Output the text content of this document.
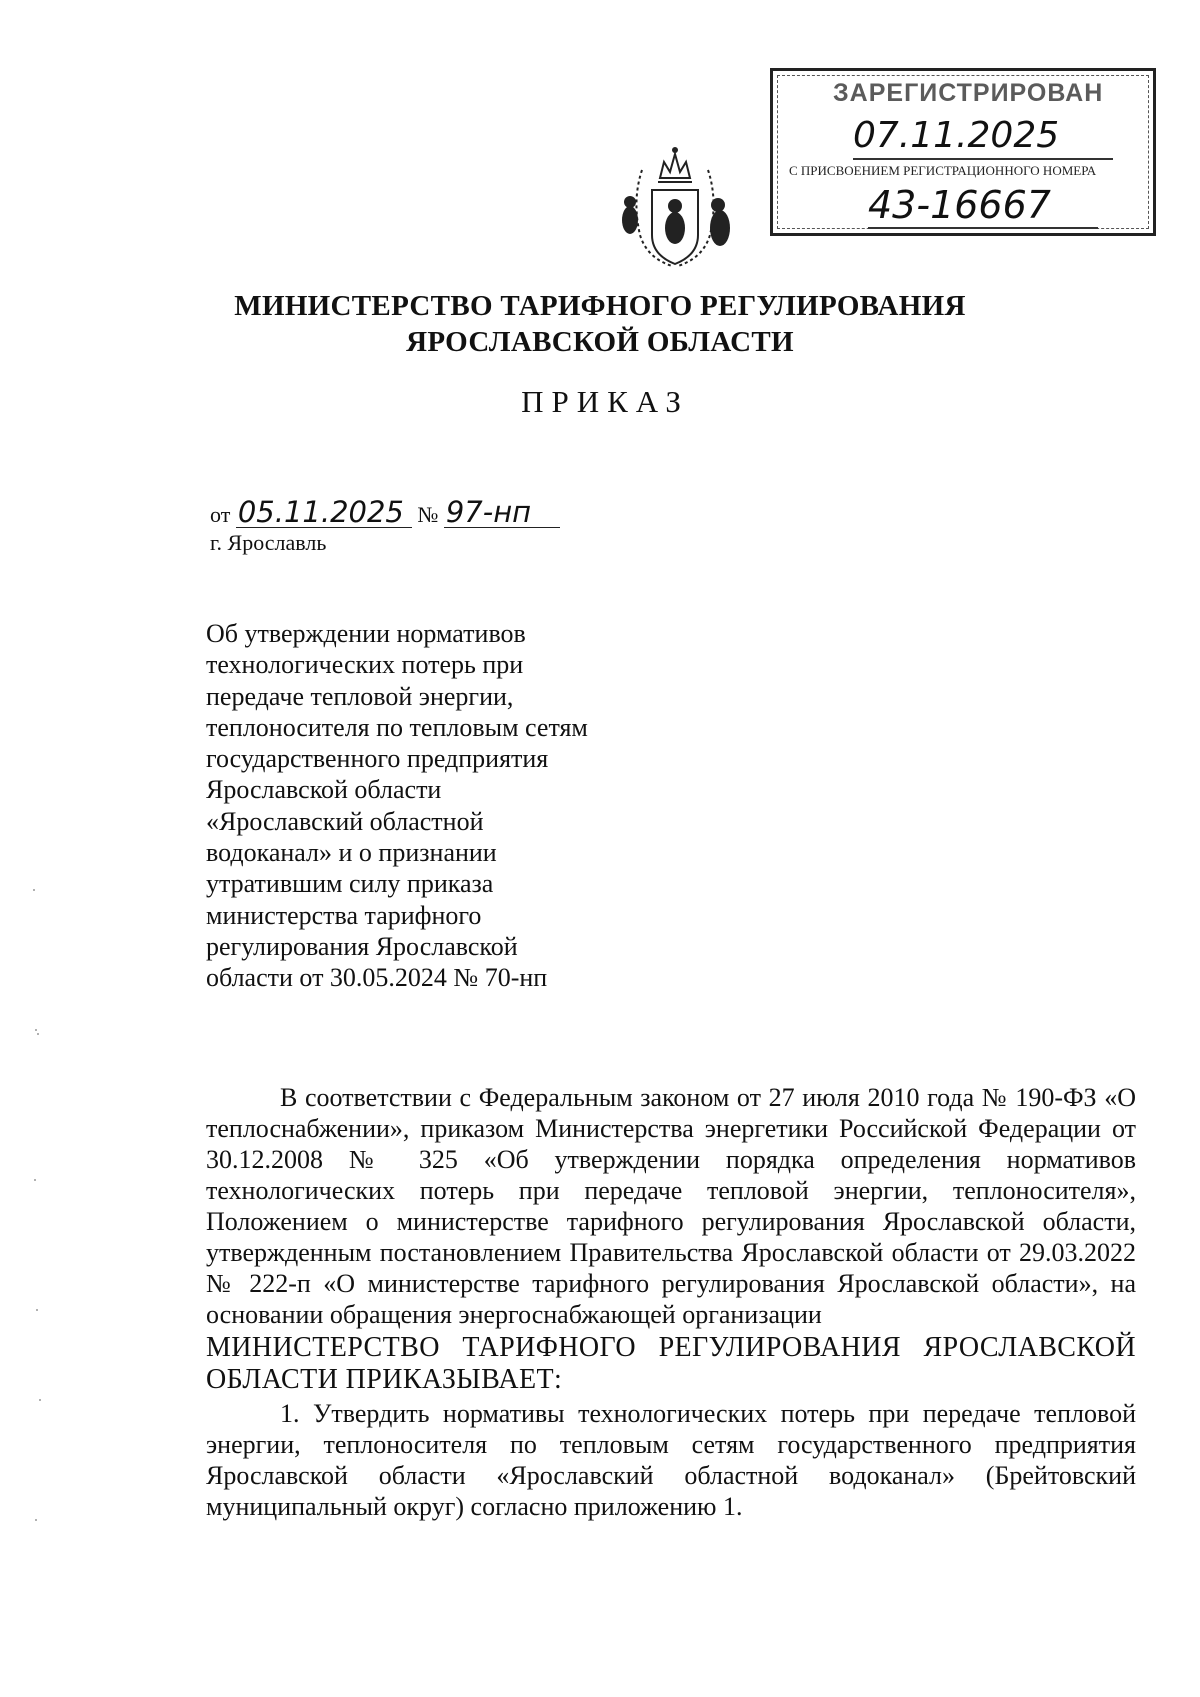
ЗАРЕГИСТРИРОВАН
07.11.2025
С ПРИСВОЕНИЕМ РЕГИСТРАЦИОННОГО НОМЕРА
43-16667
МИНИСТЕРСТВО ТАРИФНОГО РЕГУЛИРОВАНИЯ
ЯРОСЛАВСКОЙ ОБЛАСТИ
ПРИКАЗ
от 05.11.2025 № 97-нп
г. Ярославль
Об утверждении нормативов
технологических потерь при
передаче тепловой энергии,
теплоносителя по тепловым сетям
государственного предприятия
Ярославской области
«Ярославский областной
водоканал» и о признании
утратившим силу приказа
министерства тарифного
регулирования Ярославской
области от 30.05.2024 № 70-нп

В соответствии с Федеральным законом от 27 июля 2010 года № 190-ФЗ «О теплоснабжении», приказом Министерства энергетики Российской Федерации от 30.12.2008 № 325 «Об утверждении порядка определения нормативов технологических потерь при передаче тепловой энергии, теплоносителя», Положением о министерстве тарифного регулирования Ярославской области, утвержденным постановлением Правительства Ярославской области от 29.03.2022 № 222-п «О министерстве тарифного регулирования Ярославской области», на основании обращения энергоснабжающей организации

МИНИСТЕРСТВО ТАРИФНОГО РЕГУЛИРОВАНИЯ ЯРОСЛАВСКОЙ ОБЛАСТИ ПРИКАЗЫВАЕТ:

1. Утвердить нормативы технологических потерь при передаче тепловой энергии, теплоносителя по тепловым сетям государственного предприятия Ярославской области «Ярославский областной водоканал» (Брейтовский муниципальный округ) согласно приложению 1.
